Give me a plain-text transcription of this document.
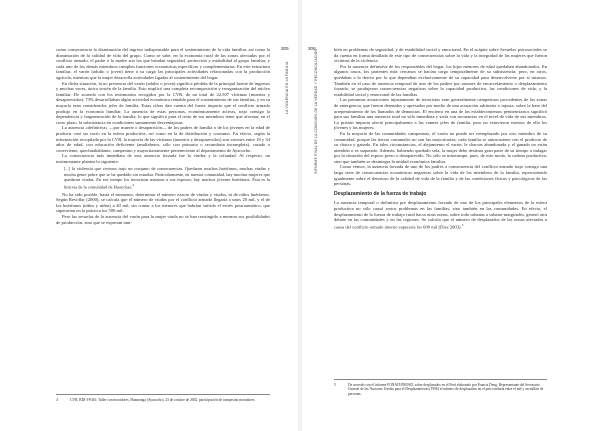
como consecuencia la disminución del ingreso indispensable para el sostenimiento de la vida familiar, así como la disminución de la calidad de vida del grupo. Como se sabe, en la economía rural de las zonas afectadas por el conflicto armado, el padre o la madre son los que brindan seguridad, protección y estabilidad al grupo familiar, y cada uno de los demás miembros cumplen funciones económicas específicas y complementarias. En este estructura familiar, el varón (adulto o joven) tiene a su cargo las principales actividades relacionadas con la producción agrícola, mientras que la mujer desarrolla actividades ligadas al sostenimiento del hogar.

En dicha situación, la no presencia del varón (adulto o joven) significa pérdida de la principal fuente de ingresos y muchas veces, única sostén de la familia. Esto implicó una completa recomposición y reorganización del núcleo familiar. De acuerdo con los testimonios recogidos por la CVR, de un total de 22,507 víctimas (muertas y desaparecidas), 73% desarrollaban algún actividad económica rentable para el sostenimiento de sus familias, y en su mayoría eran considerados jefes de familia. Estas cifras dan cuenta del fuerte impacto que el conflicto armado produjo en la economía familiar. La ausencia de estas personas, económicamente activas, trajo consigo la dependencia y fragmentación de la familia, lo que significó para el resto de sus miembros tener que afrontar, en el corto plazo, la subsistencia en condiciones sumamente desventajosas.

La ausencia «definitiva» —por muerte o desaparición— de los padres de familia o de los jóvenes en la edad de producir creó un vacío en la esfera productiva, así como en la de distribución y consumo. En efecto, según la información recopilada por la CVR, la mayoría de las víctimas (muertos y desaparecidos) son varones entre 18 y 34 años de edad, con educación deficiente (analfabetos, sólo con primaria o secundaria incompleta), casado o conviviente, quechuahablante, campesino y mayoritariamente perteneciente al departamento de Ayacucho.

La consecuencia más inmediata de esta ausencia forzada fue la viudez y la orfandad. Al respecto, un testimoniante plantea lo siguiente:

[...] la violencia que vivimos trajo un conjunto de consecuencias. Quedaron muchos huérfanos, muchas viudas y mucha gente pobre que se ha quedado sin estudiar. Particularmente, en nuestra comunidad, hay muchas mujeres que quedaron viudas. En ese tiempo los terroristas mataron a sus esposos; hay muchos jóvenes huérfanos. Ésta es la historia de la comunidad de Huaychao.$^4$

No ha sido posible, hasta el momento, determinar el número exacto de viudas y viudos, ni de niños huérfanos. Según Revollar (2000), se calcula que el número de viudas por el conflicto armado llegaría a unos 20 mil, y el de los huérfanos (niños y niñas) a 40 mil, sin contar a los menores que habrían sufrido el estrés postraumático, que superarían en la práctica los 500 mil.

Pero las secuelas de la ausencia del varón para la mujer viuda no se han restringido a mermar sus posibilidades de producción, sino que se expresan tam-

4	CVR. BDI-I-P416. Taller con moradores, Huamanga (Ayacucho), 23 de octubre de 2002, participación de campesino moradores.
305
LA VIOLENCIA EN LA FAMILIA

bién en problemas de seguridad, y de estabilidad social y emocional. En el acápite sobre Secuelas psicosociales se da cuenta en forma detallada de este tipo de consecuencias sobre la vida y la integridad de las mujeres que fueron víctimas de la violencia.

Por la ausencia definitiva de los responsables del hogar, los hijos menores de edad quedaban abandonados. En algunos casos, los parientes más cercanos se hacían cargo temporalmente de su subsistencia; pero, en otros, quedaban a la deriva por lo que dependían exclusivamente de su capacidad para desenvolverse por sí mismos. También en el caso de ausencia temporal de uno de los padres por razones de encarcelamiento o desplazamiento forzado, se produjeron consecuencias negativas sobre la capacidad productiva, las condiciones de vida, y la estabilidad social y emocional de las familias.

Las presuntas acusaciones injustamente de terroristas eran generalmente campesinos procedentes de las zonas de emergencia, que fueron detenidos y apresados por medio de una acusación arbitraria o injusta, sobre la base del arrepentimiento de los llamados de denuncias. El encierro en una de las establecimientos penitenciarios significó para sus familias una ausencia total no sólo inmediata y sería con secuencias en el nivel de vida de sus miembros. La prisión impacta afectó principalmente a las vannes jefes de familia, pero no estuvieron exentos de ella los jóvenes y las mujeres.

En la mayoría de las comunidades campesinas, el varón no puede ser reemplazado por otro miembro de su comunidad, porque las tierras comunales no son las mayoritarias; cada familia se autosostiene con el producto de su chacra y ganado. En tales circunstancias, el alejamiento el varón, le chacras abandonada y el ganado no están atendido o es saqueado. Además, habiendo quedado sola, la mujer debe destinar gran parte de su tiempo a indagar por la situación del esposo preso o desaparecido. No sólo se interrumpe, pues, de este modo, la cadena productiva, sino que también se desintegra la unidad económica familiar.

Como vemos, la ausencia forzada de uno de los padres a consecuencia del conflicto armado trajo consigo una larga serie de consecuencias económicas negativas sobre la vida de los miembros de la familia, repercutiendo igualmente sobre el deterioro de la calidad de vida de la familia y de las condiciones físicas y psicológicas de las personas.

Desplazamiento de la fuerza de trabajo

La ausencia temporal o definitiva por desplazamiento forzado de uno de los principales elementos de la esfera productiva no sólo causó serios problemas en las familias, sino también en las comunidades. En efecto, el desplazamiento de la fuerza de trabajo rural hacia otras zonas, sobre todo urbanas o urbano-marginales, generó otra debate en las comunidades y en las regiones. Se calcula que el número de desplazados de las zonas afectadas a causa del conflicto armado interno superaría los 600 mil (Diez 2003).$^5$

5	De acuerdo con el informe FONAVI/PROSD, sobre desplazados en el Perú elaborado por Francis Deng, Representante del Secretario General de las Naciones Unidas para el Desplazamiento (1996) el número de desplazados en el país rondaría entre el mil y un millón de personas.
306
INFORME FINAL DE LA COMISIÓN DE LA VERDAD Y RECONCILIACIÓN
